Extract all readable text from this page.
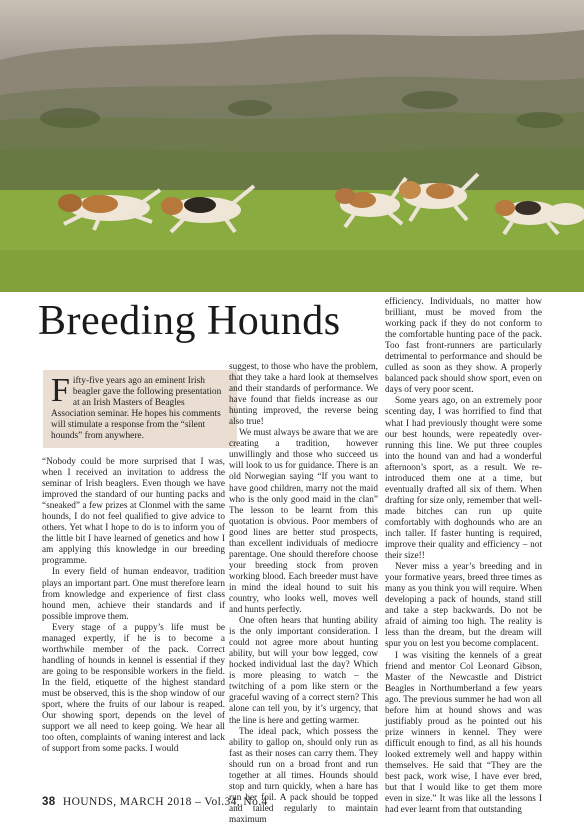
Breeding Hounds
Fifty-five years ago an eminent Irish beagler gave the following presentation at an Irish Masters of Beagles Association seminar. He hopes his comments will stimulate a response from the “silent hounds” from anywhere.

“Nobody could be more surprised that I was, when I received an invitation to address the seminar of Irish beaglers. Even though we have improved the standard of our hunting packs and “sneaked” a few prizes at Clonmel with the same hounds, I do not feel qualified to give advice to others. Yet what I hope to do is to inform you of the little bit I have learned of genetics and how I am applying this knowledge in our breeding programme.

In every field of human endeavor, tradition plays an important part. One must therefore learn from knowledge and experience of first class hound men, achieve their standards and if possible improve them.

Every stage of a puppy’s life must be managed expertly, if he is to become a worthwhile member of the pack. Correct handling of hounds in kennel is essential if they are going to be responsible workers in the field. In the field, etiquette of the highest standard must be observed, this is the shop window of our sport, where the fruits of our labour is reaped. Our showing sport, depends on the level of support we all need to keep going. We hear all too often, complaints of waning interest and lack of support from some packs. I would

suggest, to those who have the problem, that they take a hard look at themselves and their standards of performance. We have found that fields increase as our hunting improved, the reverse being also true!

We must always be aware that we are creating a tradition, however unwillingly and those who succeed us will look to us for guidance. There is an old Norwegian saying “If you want to have good children, marry not the maid who is the only good maid in the clan” The lesson to be learnt from this quotation is obvious. Poor members of good lines are better stud prospects, than excellent individuals of mediocre parentage. One should therefore choose your breeding stock from proven working blood. Each breeder must have in mind the ideal hound to suit his country, who looks well, moves well and hunts perfectly.

One often hears that hunting ability is the only important consideration. I could not agree more about hunting ability, but will your bow legged, cow hocked individual last the day? Which is more pleasing to watch – the twitching of a pom like stern or the graceful waving of a correct stern? This alone can tell you, by it’s urgency, that the line is here and getting warmer.

The ideal pack, which possess the ability to gallop on, should only run as fast as their noses can carry them. They should run on a broad front and run together at all times. Hounds should stop and turn quickly, when a hare has run her foil. A pack should be topped and tailed regularly to maintain maximum

efficiency. Individuals, no matter how brilliant, must be moved from the working pack if they do not conform to the comfortable hunting pace of the pack. Too fast front-runners are particularly detrimental to performance and should be culled as soon as they show. A properly balanced pack should show sport, even on days of very poor scent.

Some years ago, on an extremely poor scenting day, I was horrified to find that what I had previously thought were some our best hounds, were repeatedly over-running this line. We put three couples into the hound van and had a wonderful afternoon’s sport, as a result. We re-introduced them one at a time, but eventually drafted all six of them. When drafting for size only, remember that well-made bitches can run up quite comfortably with doghounds who are an inch taller. If faster hunting is required, improve their quality and efficiency – not their size!!

Never miss a year’s breeding and in your formative years, breed three times as many as you think you will require. When developing a pack of hounds, stand still and take a step backwards. Do not be afraid of aiming too high. The reality is less than the dream, but the dream will spur you on lest you become complacent.

I was visiting the kennels of a great friend and mentor Col Leonard Gibson, Master of the Newcastle and District Beagles in Northumberland a few years ago. The previous summer he had won all before him at hound shows and was justifiably proud as he pointed out his prize winners in kennel. They were difficult enough to find, as all his hounds looked extremely well and happy within themselves. He said that “They are the best pack, work wise, I have ever bred, but that I would like to get them more even in size.” It was like all the lessons I had ever learnt from that outstanding

38 HOUNDS, MARCH 2018 – Vol.34, No.4
